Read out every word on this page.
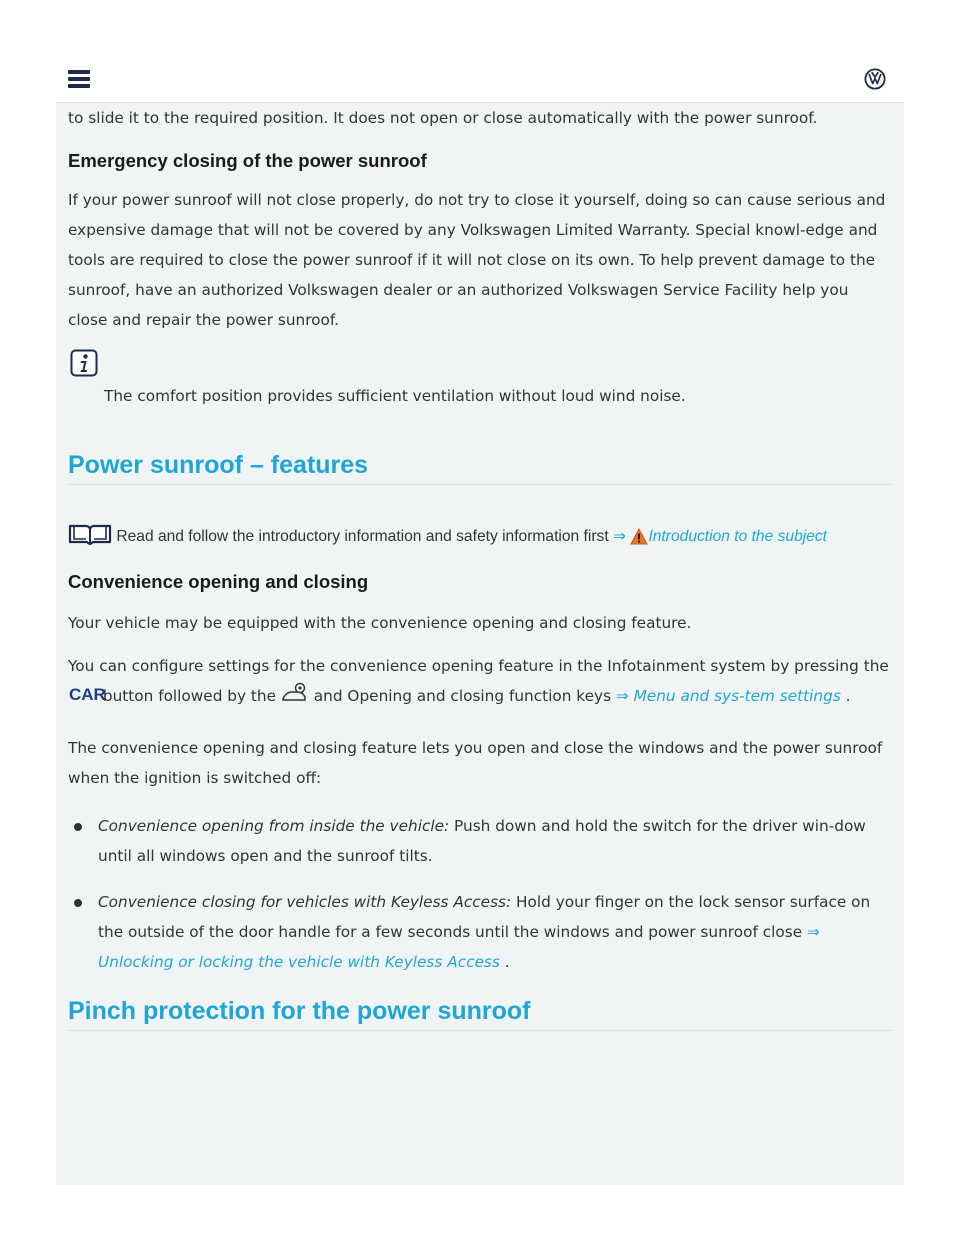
to slide it to the required position. It does not open or close automatically with the power sunroof.

Emergency closing of the power sunroof

If your power sunroof will not close properly, do not try to close it yourself, doing so can cause serious and expensive damage that will not be covered by any Volkswagen Limited Warranty. Special knowl-edge and tools are required to close the power sunroof if it will not close on its own. To help prevent damage to the sunroof, have an authorized Volkswagen dealer or an authorized Volkswagen Service Facility help you close and repair the power sunroof.

The comfort position provides sufficient ventilation without loud wind noise.

Power sunroof – features
Read and follow the introductory information and safety information first ⇒ Introduction to the subject
Convenience opening and closing

Your vehicle may be equipped with the convenience opening and closing feature.

You can configure settings for the convenience opening feature in the Infotainment system by pressing the
CAR
button followed by the and Opening and closing function keys ⇒ Menu and sys-tem settings .

The convenience opening and closing feature lets you open and close the windows and the power sunroof when the ignition is switched off:

Convenience opening from inside the vehicle: Push down and hold the switch for the driver win-dow until all windows open and the sunroof tilts.
Convenience closing for vehicles with Keyless Access: Hold your finger on the lock sensor surface on the outside of the door handle for a few seconds until the windows and power sunroof close ⇒ Unlocking or locking the vehicle with Keyless Access .
Pinch protection for the power sunroof
